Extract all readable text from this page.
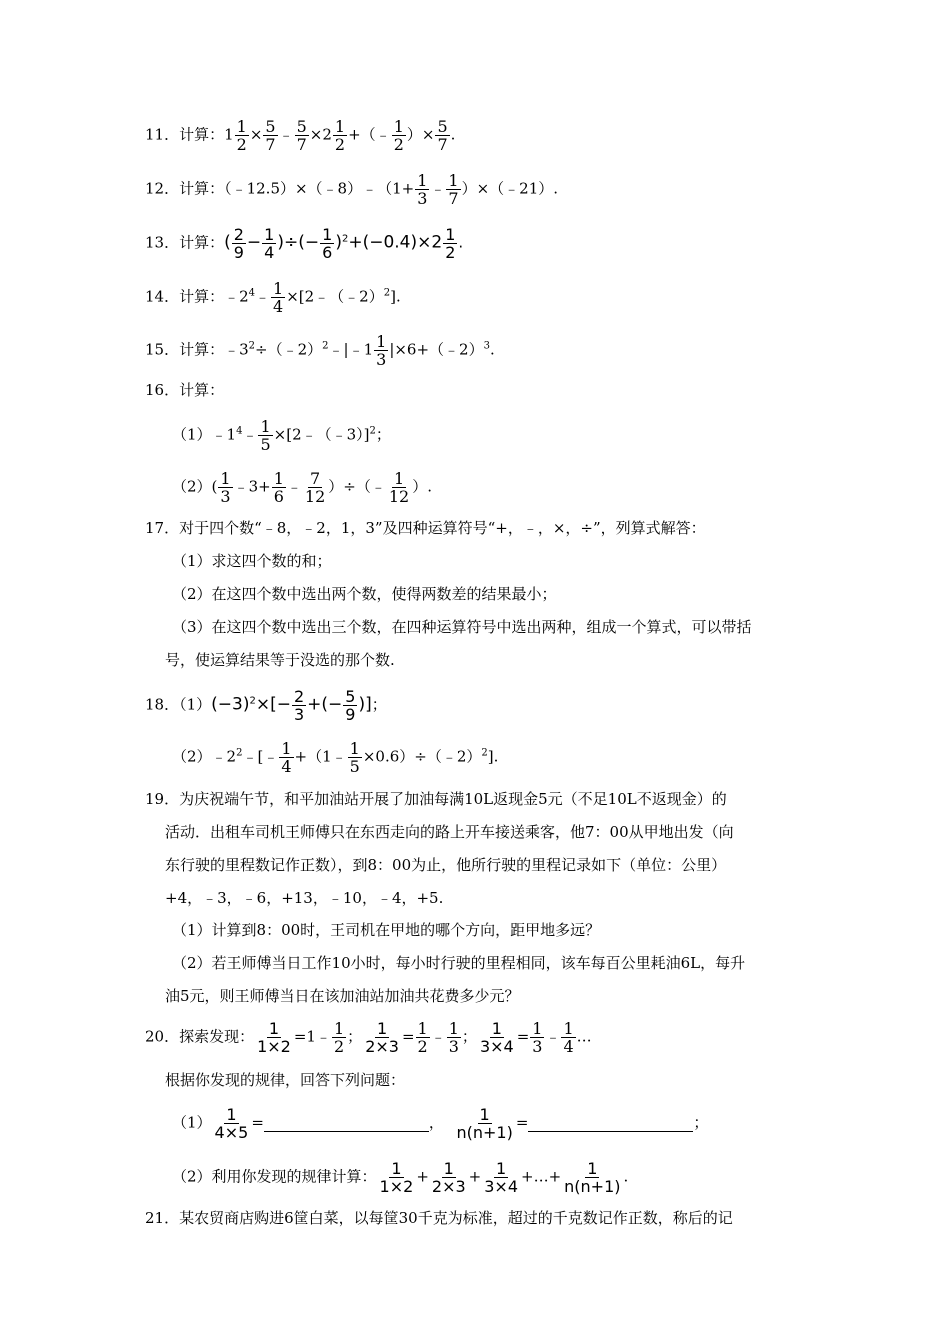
11．计算：$1 \frac{1}{2} \times \frac{5}{7}$ ﹣ $\frac{5}{7} \times 2 \frac{1}{2}$ +（﹣ $\frac{1}{2}$ ）× $\frac{5}{7}$ .
12．计算：（﹣12.5）×（﹣8）﹣（1+ $\frac{1}{3}$ ﹣ $\frac{1}{7}$ ）×（﹣21）.
13．计算：( $\frac{2}{9} - \frac{1}{4}$ )÷(− $\frac{1}{6} )^2+(-0.4)\times 2 \frac{1}{2}$ .
14．计算：$﹣2^4﹣ \frac{1}{4}$ ×[2﹣（﹣2）$^2$].
15．计算：$﹣3^2\div(﹣2)^2﹣|﹣1 \frac{1}{3}$ |×6+（﹣2）$^3$.
16．计算：
$(1)﹣1^4﹣ \frac{1}{5}$ ×[2﹣（﹣3）]$^2$；
$(2)( \frac{1}{3}$ ﹣3+ $\frac{1}{6}$ ﹣ $\frac{7}{12}$ ）÷（﹣ $\frac{1}{12}$ ）.
17．对于四个数“﹣8，﹣2，1，3”及四种运算符号“+，﹣，×，÷”，列算式解答：
（1）求这四个数的和；
（2）在这四个数中选出两个数，使得两数差的结果最小；
（3）在这四个数中选出三个数，在四种运算符号中选出两种，组成一个算式，可以带括
号，使运算结果等于没选的那个数.
18．$(1)(-3)^2\times[- \frac{2}{3}$ +(− $\frac{5}{9}$ )]；
$(2)﹣2^2﹣[﹣ \frac{1}{4}$ +（1﹣ $\frac{1}{5}$ ×0.6）÷（﹣2）$^2$].
19．为庆祝端午节，和平加油站开展了加油每满10L返现金5元（不足10L不返现金）的
活动．出租车司机王师傅只在东西走向的路上开车接送乘客，他7：00从甲地出发（向
东行驶的里程数记作正数），到8：00为止，他所行驶的里程记录如下（单位：公里）
+4，﹣3，﹣6，+13，﹣10，﹣4，+5.
（1）计算到8：00时，王司机在甲地的哪个方向，距甲地多远？
（2）若王师傅当日工作10小时，每小时行驶的里程相同，该车每百公里耗油6L，每升
油5元，则王师傅当日在该加油站加油共花费多少元？
20．探索发现： $\frac{1}{1\times 2}$ =1﹣ $\frac{1}{2}$ ； $\frac{1}{2\times 3} = \frac{1}{2}$ ﹣ $\frac{1}{3}$ ； $\frac{1}{3\times 4} = \frac{1}{3}$ ﹣ $\frac{1}{4}$ …
根据你发现的规律，回答下列问题：
$(1) \frac{1}{4\times 5}$ =	， $\frac{1}{n(n+1)}$ =	；
（2）利用你发现的规律计算： $\frac{1}{1\times 2} + \frac{1}{2\times 3} + \frac{1}{3\times 4}$ +…+ $\frac{1}{n(n+1)}$ .
21．某农贸商店购进6筐白菜，以每筐30千克为标准，超过的千克数记作正数，称后的记
